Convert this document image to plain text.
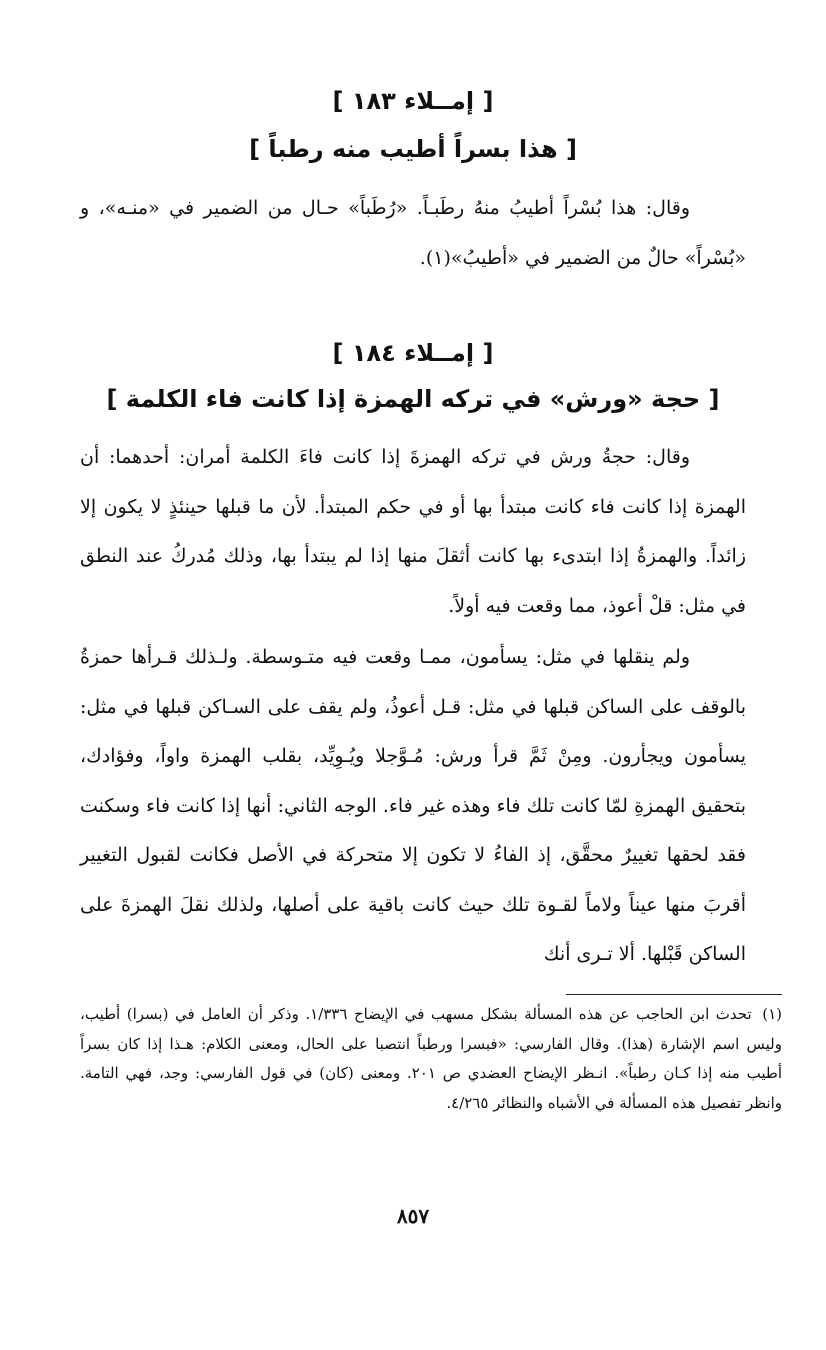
[ إمــلاء ١٨٣ ]
[ هذا بسراً أطيب منه رطباً ]

وقال: هذا بُسْراً أطيبُ منهُ رطَبـاً. «رُطَباً» حـال من الضمير في «منـه»، و «بُسْراً» حالٌ من الضمير في «أطيبُ»(١).

[ إمــلاء ١٨٤ ]
[ حجة «ورش» في تركه الهمزة إذا كانت فاء الكلمة ]

وقال: حجةُ ورش في تركه الهمزةَ إذا كانت فاءَ الكلمة أمران: أحدهما: أن الهمزة إذا كانت فاء كانت مبتدأ بها أو في حكم المبتدأ. لأن ما قبلها حينئذٍ لا يكون إلا زائداً. والهمزةُ إذا ابتدىء بها كانت أثقلَ منها إذا لم يبتدأ بها، وذلك مُدركُ عند النطق في مثل: قلْ أعوذ، مما وقعت فيه أولاً.

ولم ينقلها في مثل: يسأمون، ممـا وقعت فيه متـوسطة. ولـذلك قـرأها حمزةُ بالوقف على الساكن قبلها في مثل: قـل أعوذُ، ولم يقف على السـاكن قبلها في مثل: يسأمون ويجأرون. ومِنْ ثَمَّ قرأ ورش: مُـوَّجلا ويُـوِيِّد، بقلب الهمزة واواً، وفؤادك، بتحقيق الهمزةِ لمّا كانت تلك فاء وهذه غير فاء. الوجه الثاني: أنها إذا كانت فاء وسكنت فقد لحقها تغييرٌ محقَّق، إذ الفاءُ لا تكون إلا متحركة في الأصل فكانت لقبول التغيير أقربَ منها عيناً ولاماً لقـوة تلك حيث كانت باقية على أصلها، ولذلك نقلَ الهمزةَ على الساكن قَبْلها. ألا تـرى أنك

(١) تحدث ابن الحاجب عن هذه المسألة بشكل مسهب في الإيضاح ١/٣٣٦. وذكر أن العامل في (بسرا) أطيب، وليس اسم الإشارة (هذا). وقال الفارسي: «فبسرا ورطباً انتصبا على الحال، ومعنى الكلام: هـذا إذا كان بسراً أطيب منه إذا كـان رطباً». انـظر الإيضاح العضدي ص ٢٠١. ومعنى (كان) في قول الفارسي: وجد، فهي التامة. وانظر تفصيل هذه المسألة في الأشباه والنظائر ٤/٢٦٥.
٨٥٧
